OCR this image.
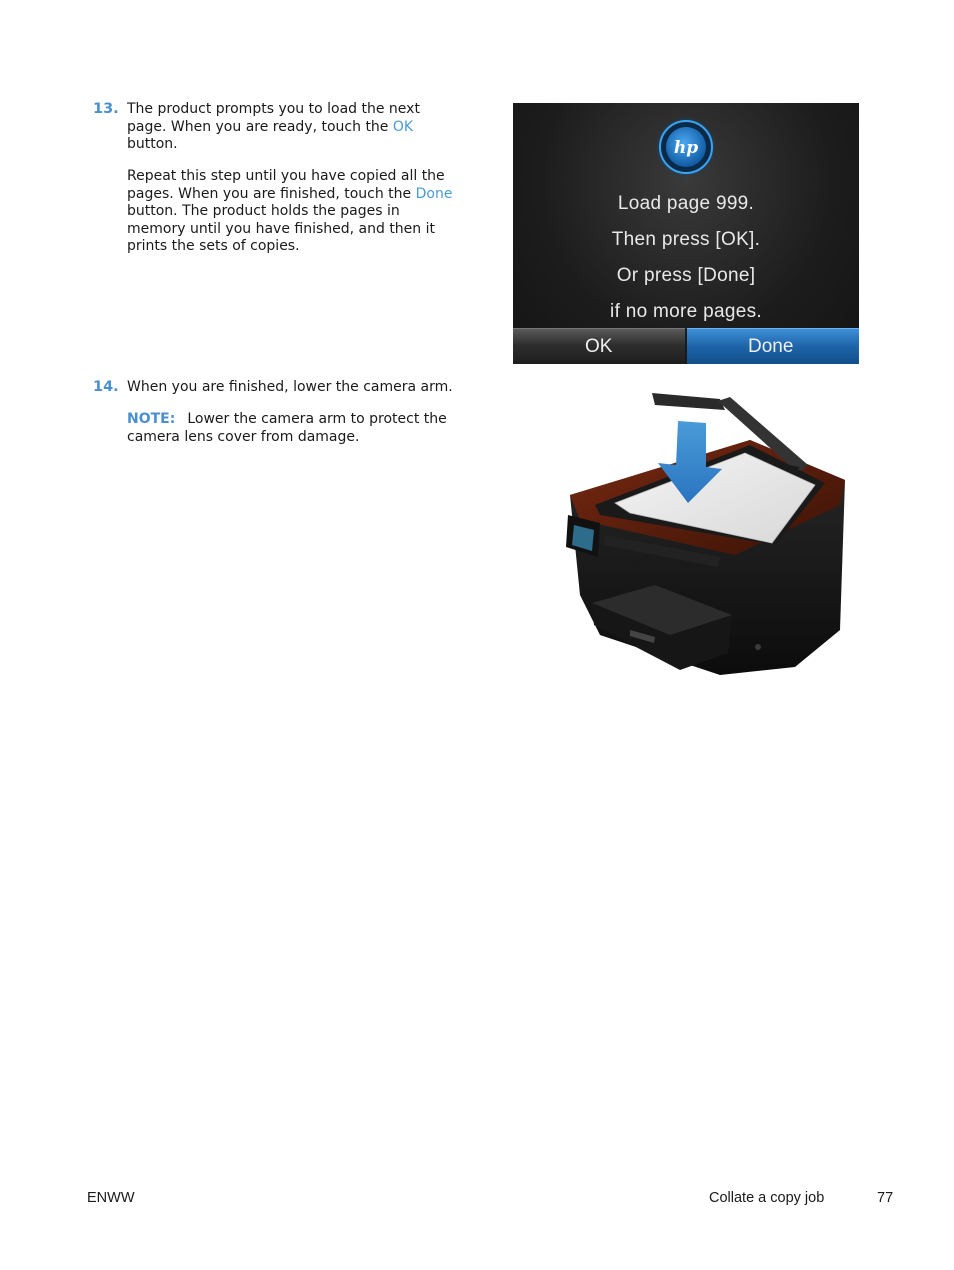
13. The product prompts you to load the next page. When you are ready, touch the OK button.
Repeat this step until you have copied all the pages. When you are finished, touch the Done button. The product holds the pages in memory until you have finished, and then it prints the sets of copies.
hp
Load page 999.
Then press [OK].
Or press [Done]
if no more pages.
OK	Done
14. When you are finished, lower the camera arm.
NOTE: Lower the camera arm to protect the camera lens cover from damage.
ENWW	Collate a copy job	77
